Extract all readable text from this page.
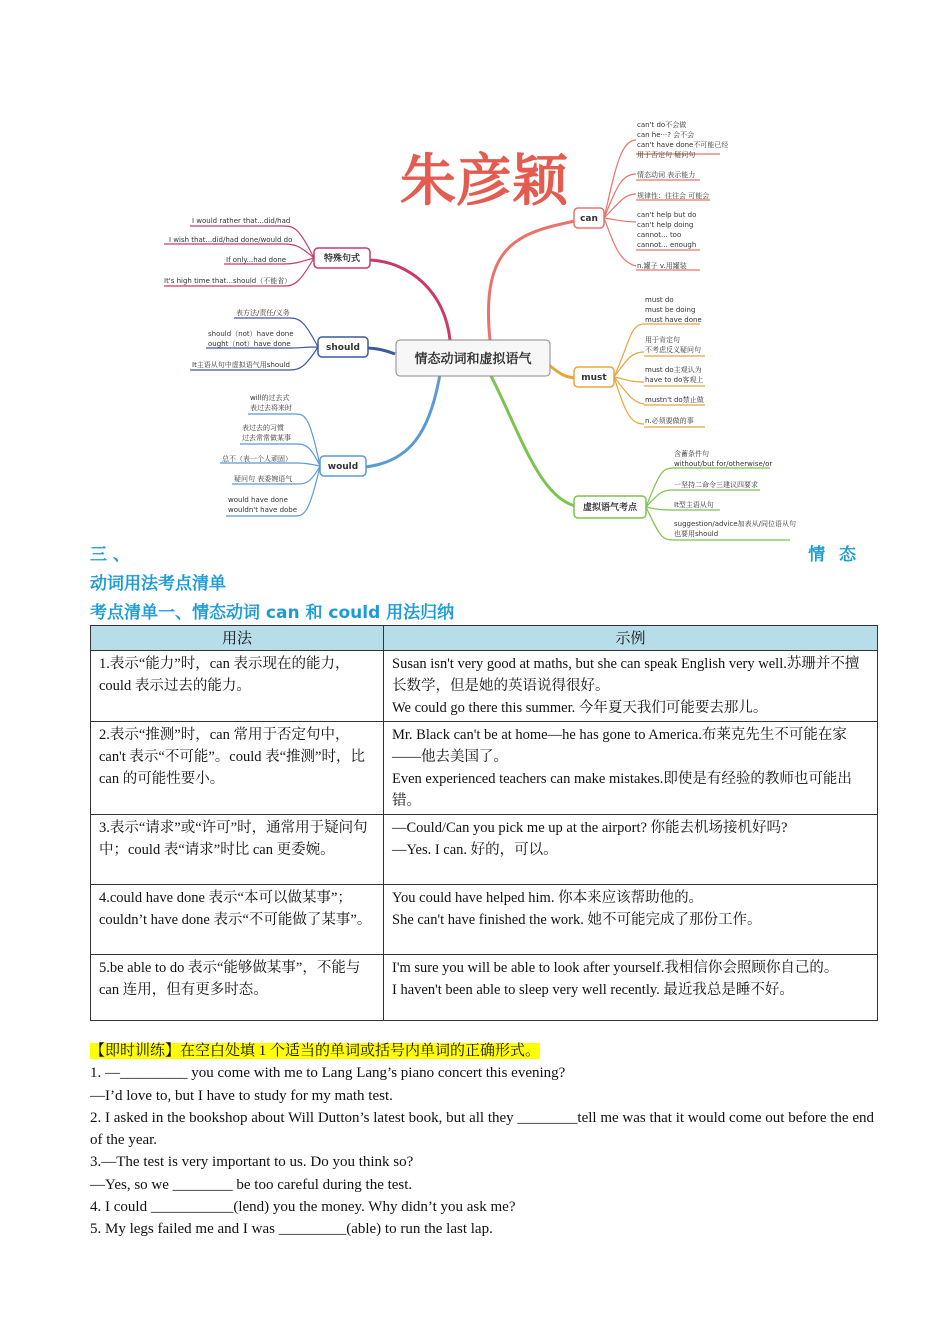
朱彦颖
情态动词和虚拟语气
can
can't do不会做
can he···? 会不会
can't have done不可能已经
用于否定句 疑问句
情态动词 表示能力
规律性：往往会 可能会
can't help but do
can't help doing
cannot... too
cannot... enough
n.罐子 v.用罐装
must
must do
must be doing
must have done
用于肯定句
不考虑反义疑问句
must do主观认为
have to do客观上
mustn't do禁止做
n.必须要做的事
虚拟语气考点
含蓄条件句
without/but for/otherwise/or
一坚持二命令三建议四要求
It型主语从句
suggestion/advice加表从/同位语从句
也要用should
特殊句式
I would rather that...did/had
I wish that...did/had done/would do
If only...had done
It's high time that...should（不能省）
should
表方法/责任/义务
should（not）have done
ought（not）have done
It主语从句中虚拟语气用should
would
will的过去式
表过去将来时
表过去的习惯
过去常常做某事
总不（表一个人顽固）
疑问句 表委婉语气
would have done
wouldn't have dobe
三 、	情 态
动词用法考点清单
考点清单一、情态动词 can 和 could 用法归纳
用法	示例
1.表示“能力”时，can 表示现在的能力，could 表示过去的能力。	Susan isn't very good at maths, but she can speak English very well.苏珊并不擅长数学，但是她的英语说得很好。
We could go there this summer. 今年夏天我们可能要去那儿。

2.表示“推测”时，can 常用于否定句中，can't 表示“不可能”。could 表“推测”时，比 can 的可能性要小。	Mr. Black can't be at home—he has gone to America.布莱克先生不可能在家——他去美国了。
Even experienced teachers can make mistakes.即使是有经验的教师也可能出错。

3.表示“请求”或“许可”时，通常用于疑问句中；could 表“请求”时比 can 更委婉。	—Could/Can you pick me up at the airport? 你能去机场接机好吗?
—Yes. I can. 好的，可以。

4.could have done 表示“本可以做某事”；couldn’t have done 表示“不可能做了某事”。	You could have helped him. 你本来应该帮助他的。
She can't have finished the work. 她不可能完成了那份工作。

5.be able to do 表示“能够做某事”，不能与 can 连用，但有更多时态。	I'm sure you will be able to look after yourself.我相信你会照顾你自己的。
I haven't been able to sleep very well recently. 最近我总是睡不好。

【即时训练】在空白处填 1 个适当的单词或括号内单词的正确形式。

1. —_________ you come with me to Lang Lang’s piano concert this evening?

—I’d love to, but I have to study for my math test.

2. I asked in the bookshop about Will Dutton’s latest book, but all they ________tell me was that it would come out before the end of the year.

3.—The test is very important to us. Do you think so?

—Yes, so we ________ be too careful during the test.

4. I could ___________(lend) you the money. Why didn’t you ask me?

5. My legs failed me and I was _________(able) to run the last lap.
